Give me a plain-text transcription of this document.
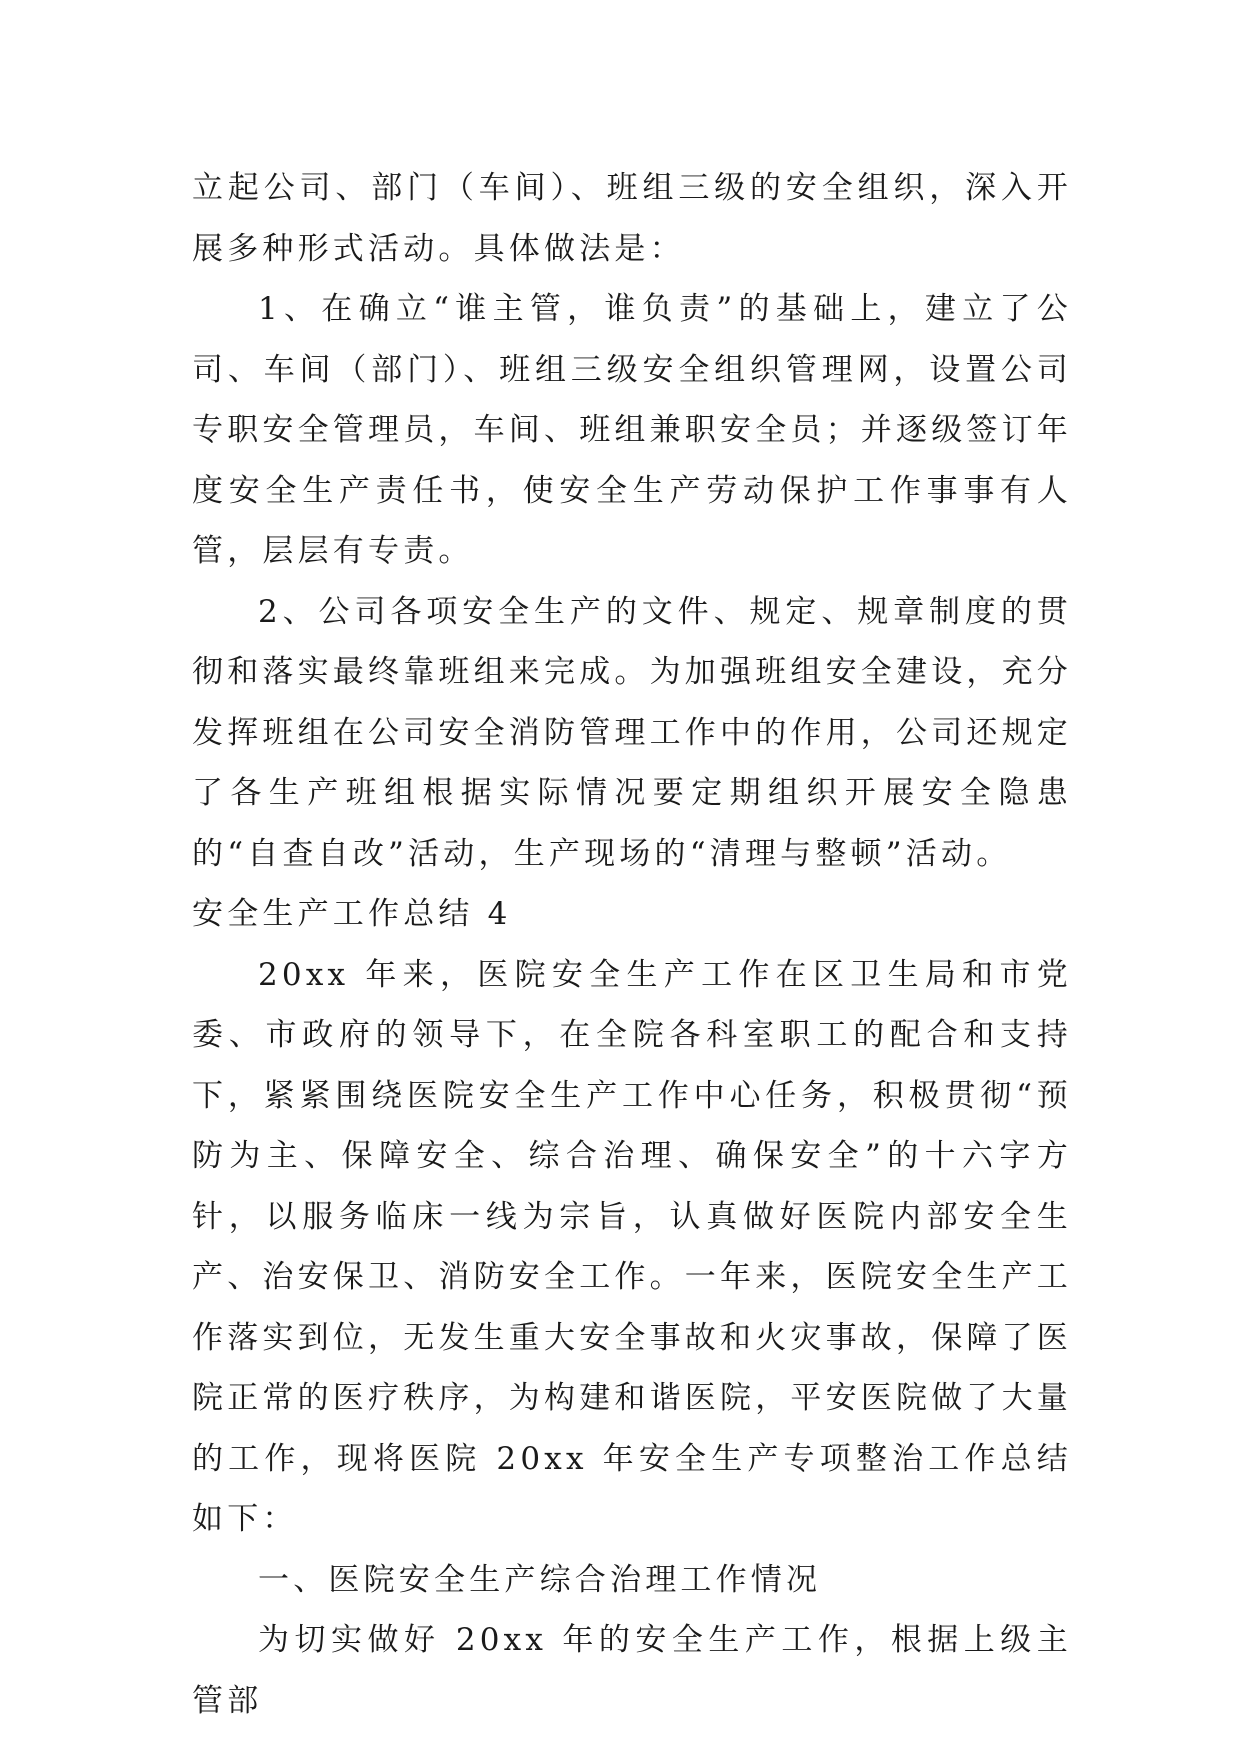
立起公司、部门（车间）、班组三级的安全组织，深入开展多种形式活动。具体做法是：

1、在确立“谁主管，谁负责”的基础上，建立了公司、车间（部门）、班组三级安全组织管理网，设置公司专职安全管理员，车间、班组兼职安全员；并逐级签订年度安全生产责任书，使安全生产劳动保护工作事事有人管，层层有专责。

2、公司各项安全生产的文件、规定、规章制度的贯彻和落实最终靠班组来完成。为加强班组安全建设，充分发挥班组在公司安全消防管理工作中的作用，公司还规定了各生产班组根据实际情况要定期组织开展安全隐患的“自查自改”活动，生产现场的“清理与整顿”活动。

安全生产工作总结 4

20xx 年来，医院安全生产工作在区卫生局和市党委、市政府的领导下，在全院各科室职工的配合和支持下，紧紧围绕医院安全生产工作中心任务，积极贯彻“预防为主、保障安全、综合治理、确保安全”的十六字方针，以服务临床一线为宗旨，认真做好医院内部安全生产、治安保卫、消防安全工作。一年来，医院安全生产工作落实到位，无发生重大安全事故和火灾事故，保障了医院正常的医疗秩序，为构建和谐医院，平安医院做了大量的工作，现将医院 20xx 年安全生产专项整治工作总结如下：

一、医院安全生产综合治理工作情况

为切实做好 20xx 年的安全生产工作，根据上级主管部
